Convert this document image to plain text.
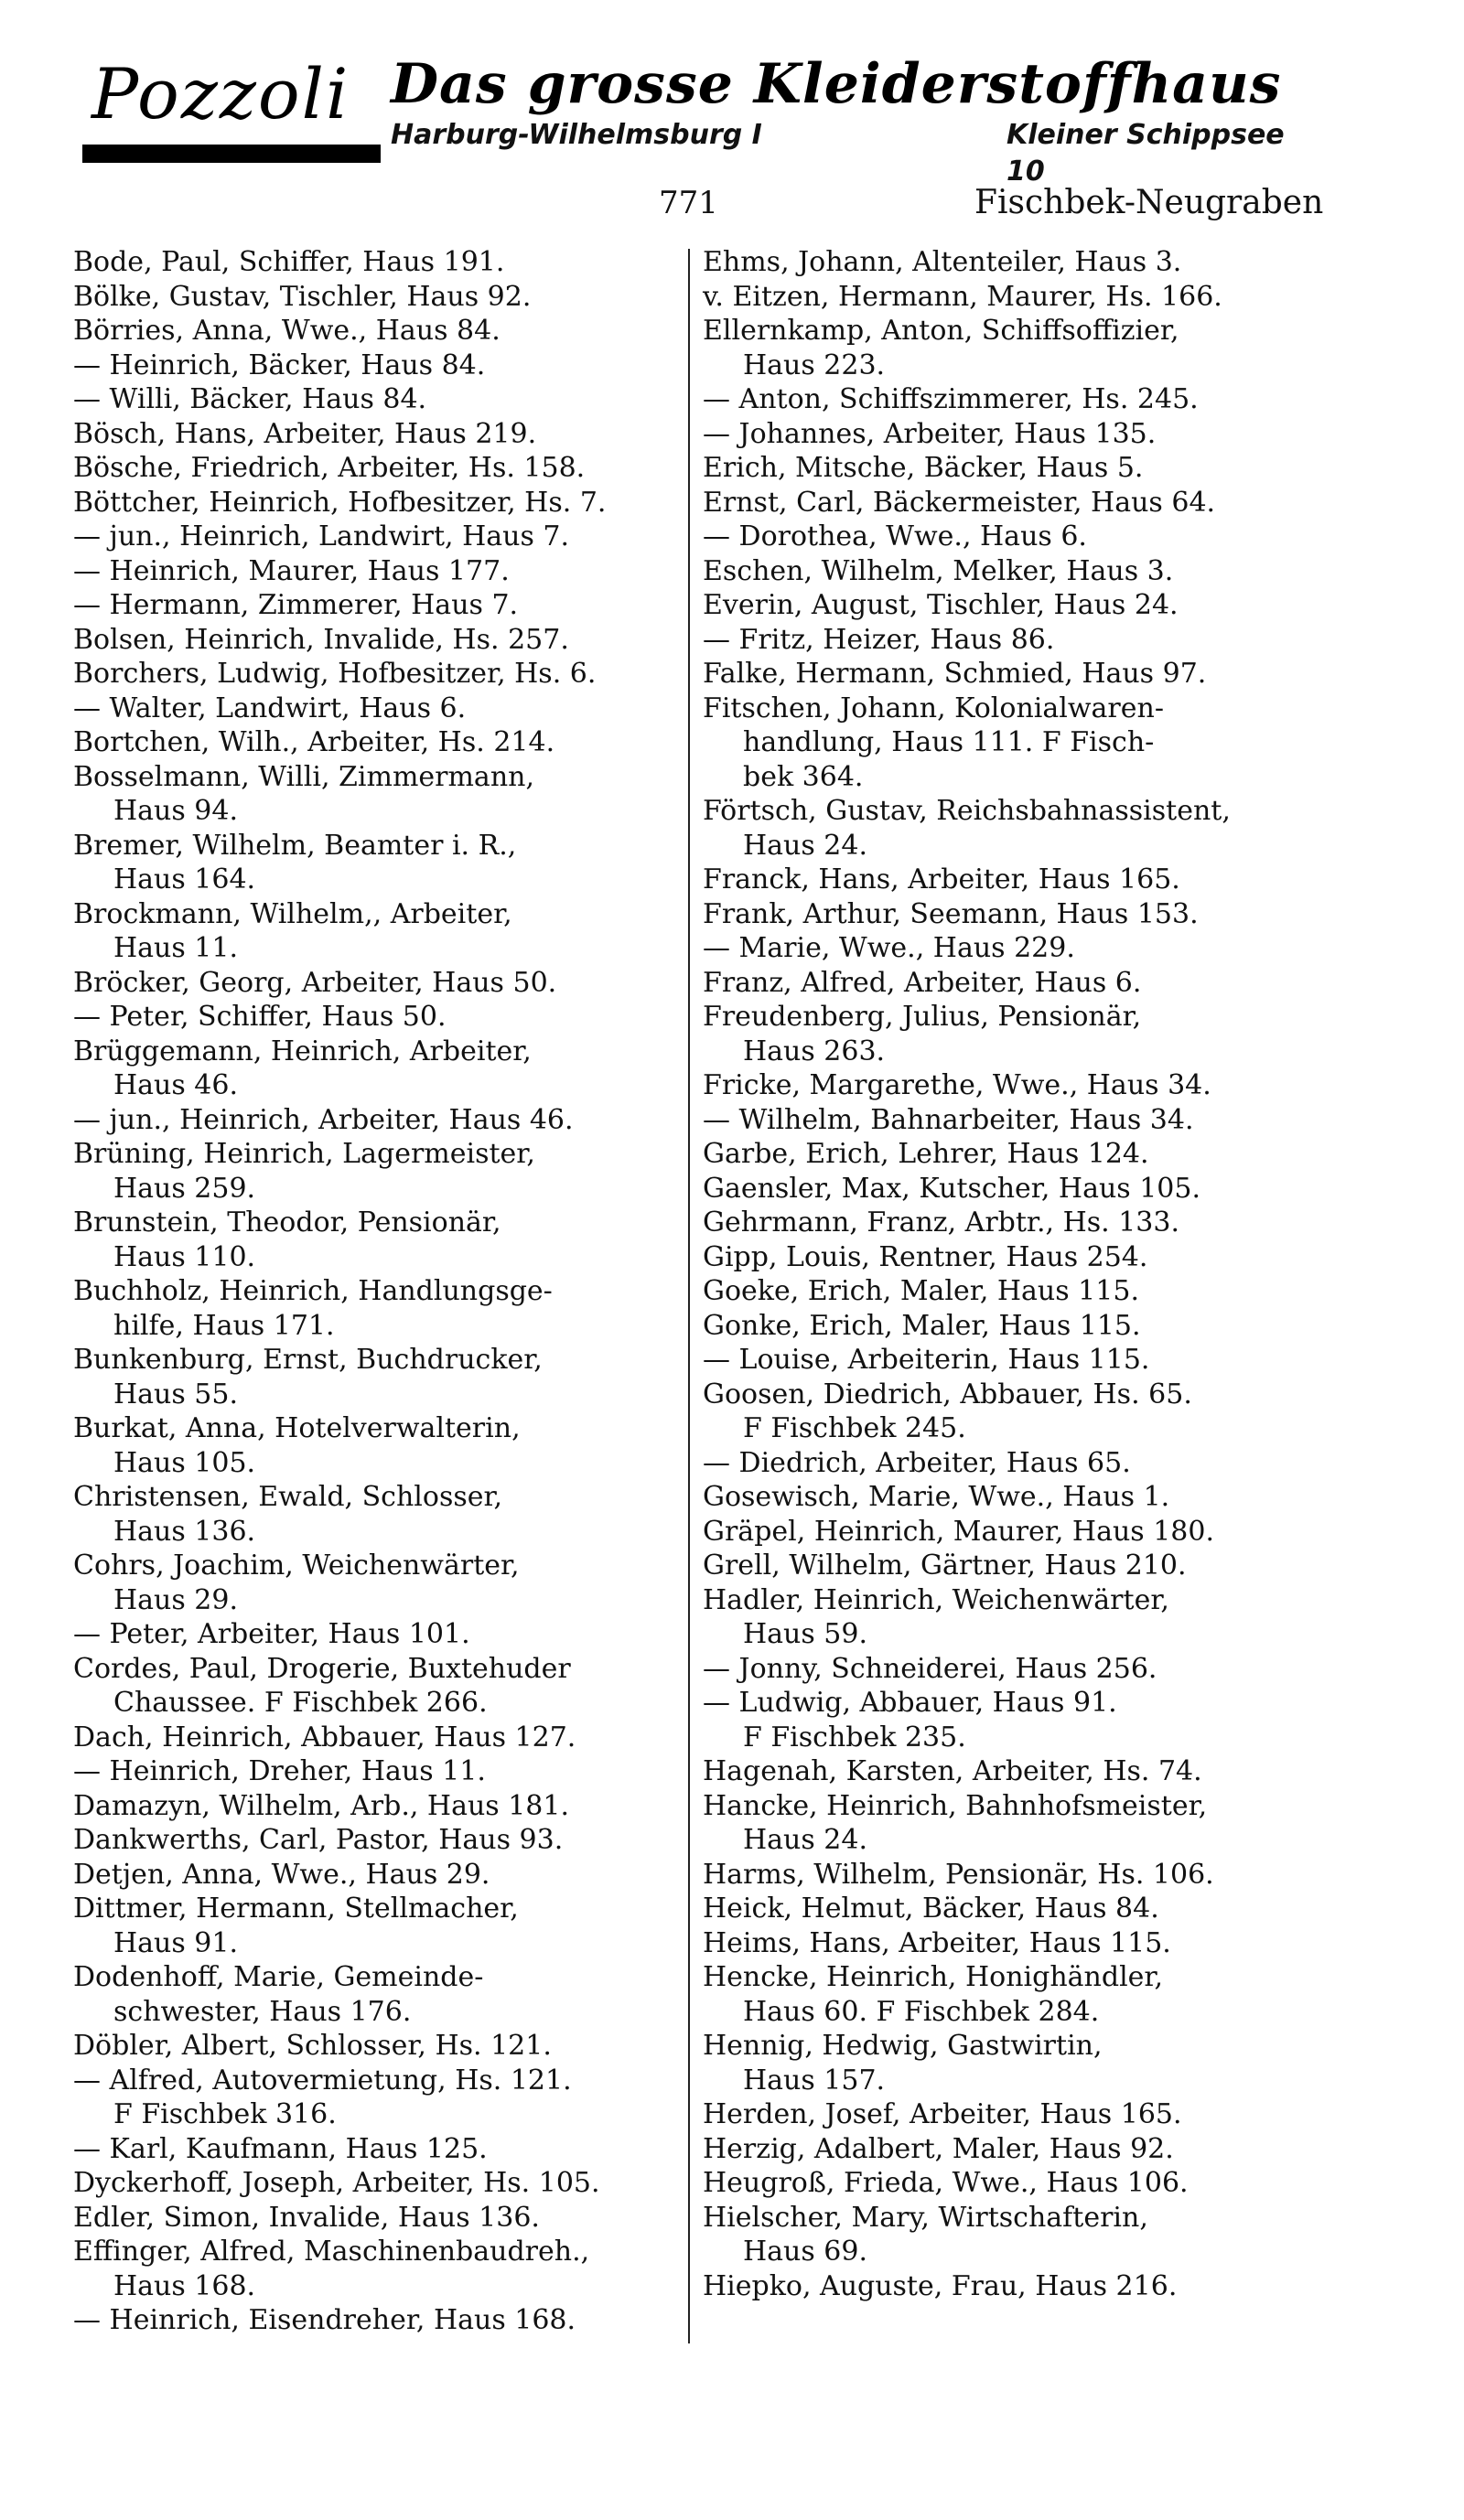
Pozzoli Das grosse Kleiderstoffhaus
Harburg-Wilhelmsburg I	Kleiner Schippsee 10
771	Fischbek-Neugraben
Bode, Paul, Schiffer, Haus 191.
Bölke, Gustav, Tischler, Haus 92.
Börries, Anna, Wwe., Haus 84.
— Heinrich, Bäcker, Haus 84.
— Willi, Bäcker, Haus 84.
Bösch, Hans, Arbeiter, Haus 219.
Bösche, Friedrich, Arbeiter, Hs. 158.
Böttcher, Heinrich, Hofbesitzer, Hs. 7.
— jun., Heinrich, Landwirt, Haus 7.
— Heinrich, Maurer, Haus 177.
— Hermann, Zimmerer, Haus 7.
Bolsen, Heinrich, Invalide, Hs. 257.
Borchers, Ludwig, Hofbesitzer, Hs. 6.
— Walter, Landwirt, Haus 6.
Bortchen, Wilh., Arbeiter, Hs. 214.
Bosselmann, Willi, Zimmermann,
Haus 94.
Bremer, Wilhelm, Beamter i. R.,
Haus 164.
Brockmann, Wilhelm,, Arbeiter,
Haus 11.
Bröcker, Georg, Arbeiter, Haus 50.
— Peter, Schiffer, Haus 50.
Brüggemann, Heinrich, Arbeiter,
Haus 46.
— jun., Heinrich, Arbeiter, Haus 46.
Brüning, Heinrich, Lagermeister,
Haus 259.
Brunstein, Theodor, Pensionär,
Haus 110.
Buchholz, Heinrich, Handlungsge-
hilfe, Haus 171.
Bunkenburg, Ernst, Buchdrucker,
Haus 55.
Burkat, Anna, Hotelverwalterin,
Haus 105.
Christensen, Ewald, Schlosser,
Haus 136.
Cohrs, Joachim, Weichenwärter,
Haus 29.
— Peter, Arbeiter, Haus 101.
Cordes, Paul, Drogerie, Buxtehuder
Chaussee. F Fischbek 266.
Dach, Heinrich, Abbauer, Haus 127.
— Heinrich, Dreher, Haus 11.
Damazyn, Wilhelm, Arb., Haus 181.
Dankwerths, Carl, Pastor, Haus 93.
Detjen, Anna, Wwe., Haus 29.
Dittmer, Hermann, Stellmacher,
Haus 91.
Dodenhoff, Marie, Gemeinde-
schwester, Haus 176.
Döbler, Albert, Schlosser, Hs. 121.
— Alfred, Autovermietung, Hs. 121.
F Fischbek 316.
— Karl, Kaufmann, Haus 125.
Dyckerhoff, Joseph, Arbeiter, Hs. 105.
Edler, Simon, Invalide, Haus 136.
Effinger, Alfred, Maschinenbaudreh.,
Haus 168.
— Heinrich, Eisendreher, Haus 168.
Ehms, Johann, Altenteiler, Haus 3.
v. Eitzen, Hermann, Maurer, Hs. 166.
Ellernkamp, Anton, Schiffsoffizier,
Haus 223.
— Anton, Schiffszimmerer, Hs. 245.
— Johannes, Arbeiter, Haus 135.
Erich, Mitsche, Bäcker, Haus 5.
Ernst, Carl, Bäckermeister, Haus 64.
— Dorothea, Wwe., Haus 6.
Eschen, Wilhelm, Melker, Haus 3.
Everin, August, Tischler, Haus 24.
— Fritz, Heizer, Haus 86.
Falke, Hermann, Schmied, Haus 97.
Fitschen, Johann, Kolonialwaren-
handlung, Haus 111. F Fisch-
bek 364.
Förtsch, Gustav, Reichsbahnassistent,
Haus 24.
Franck, Hans, Arbeiter, Haus 165.
Frank, Arthur, Seemann, Haus 153.
— Marie, Wwe., Haus 229.
Franz, Alfred, Arbeiter, Haus 6.
Freudenberg, Julius, Pensionär,
Haus 263.
Fricke, Margarethe, Wwe., Haus 34.
— Wilhelm, Bahnarbeiter, Haus 34.
Garbe, Erich, Lehrer, Haus 124.
Gaensler, Max, Kutscher, Haus 105.
Gehrmann, Franz, Arbtr., Hs. 133.
Gipp, Louis, Rentner, Haus 254.
Goeke, Erich, Maler, Haus 115.
Gonke, Erich, Maler, Haus 115.
— Louise, Arbeiterin, Haus 115.
Goosen, Diedrich, Abbauer, Hs. 65.
F Fischbek 245.
— Diedrich, Arbeiter, Haus 65.
Gosewisch, Marie, Wwe., Haus 1.
Gräpel, Heinrich, Maurer, Haus 180.
Grell, Wilhelm, Gärtner, Haus 210.
Hadler, Heinrich, Weichenwärter,
Haus 59.
— Jonny, Schneiderei, Haus 256.
— Ludwig, Abbauer, Haus 91.
F Fischbek 235.
Hagenah, Karsten, Arbeiter, Hs. 74.
Hancke, Heinrich, Bahnhofsmeister,
Haus 24.
Harms, Wilhelm, Pensionär, Hs. 106.
Heick, Helmut, Bäcker, Haus 84.
Heims, Hans, Arbeiter, Haus 115.
Hencke, Heinrich, Honighändler,
Haus 60. F Fischbek 284.
Hennig, Hedwig, Gastwirtin,
Haus 157.
Herden, Josef, Arbeiter, Haus 165.
Herzig, Adalbert, Maler, Haus 92.
Heugroß, Frieda, Wwe., Haus 106.
Hielscher, Mary, Wirtschafterin,
Haus 69.
Hiepko, Auguste, Frau, Haus 216.
